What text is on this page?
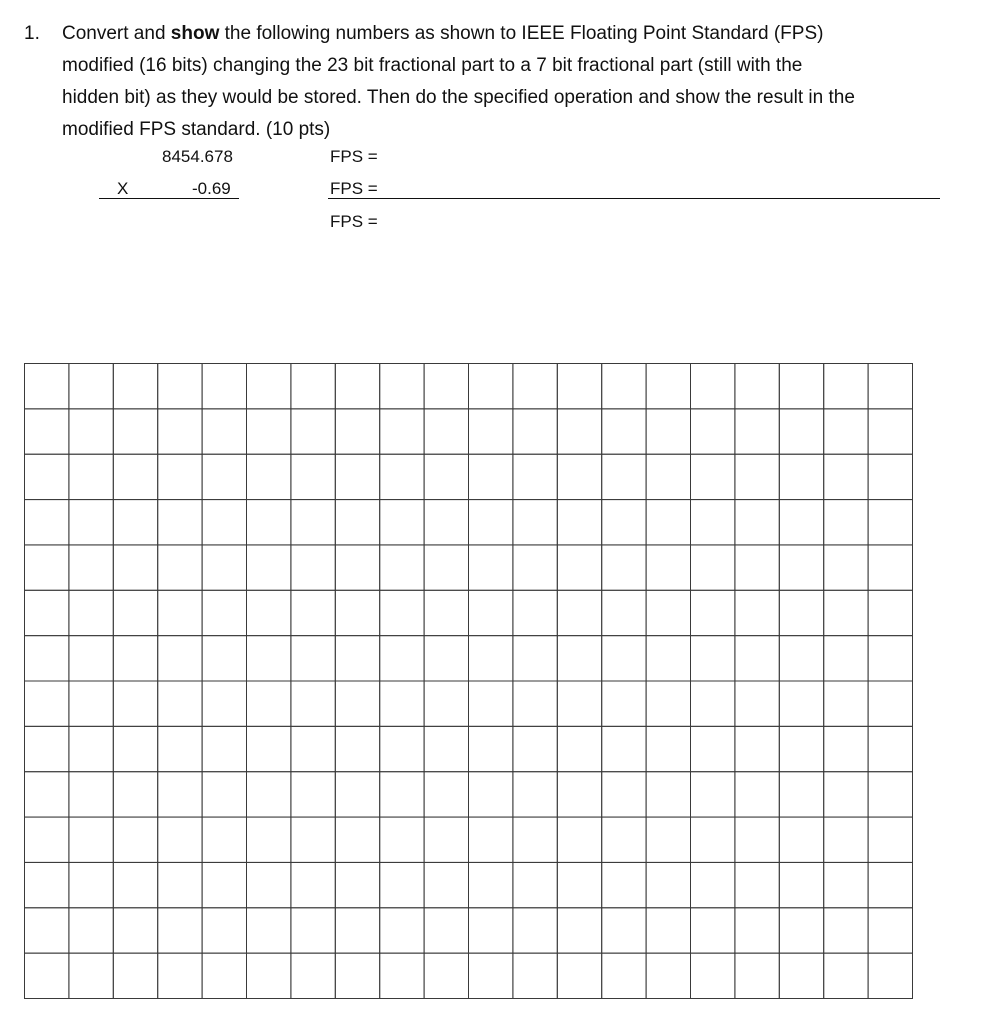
1. Convert and show the following numbers as shown to IEEE Floating Point Standard (FPS)

modified (16 bits) changing the 23 bit fractional part to a 7 bit fractional part (still with the

hidden bit) as they would be stored. Then do the specified operation and show the result in the

modified FPS standard. (10 pts)

8454.678	FPS =
X	-0.69	FPS =
FPS =
